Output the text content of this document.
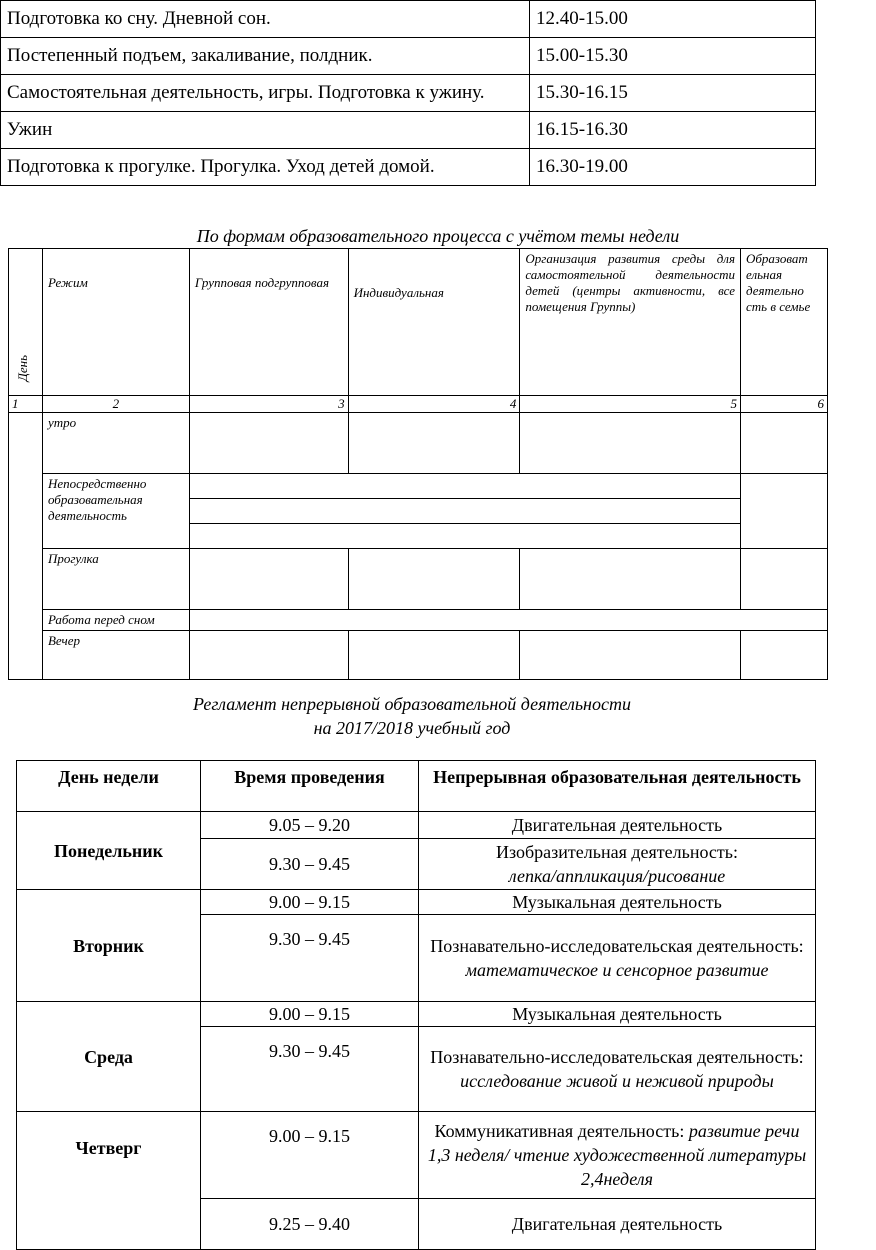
Подготовка ко сну. Дневной сон.	12.40-15.00
Постепенный подъем, закаливание, полдник.	15.00-15.30
Самостоятельная деятельность, игры. Подготовка к ужину.	15.30-16.15
Ужин	16.15-16.30
Подготовка к прогулке. Прогулка. Уход детей домой.	16.30-19.00
По формам образовательного процесса с учётом темы недели
День	Режим	Групповая подгрупповая	Индивидуальная	Организация развития среды для самостоятельной деятельности детей (центры активности, все помещения Группы)	Образоват ельная деятельно сть в семье
1	2	3	4	5	6
	утро				
	Непосредственно образовательная деятельность				

	Прогулка				
	Работа перед сном				
	Вечер				
Регламент непрерывной образовательной деятельности
на 2017/2018 учебный год
День недели	Время проведения	Непрерывная образовательная деятельность
Понедельник	9.05 – 9.20	Двигательная деятельность
	9.30 – 9.45	Изобразительная деятельность:
лепка/аппликация/рисование
Вторник	9.00 – 9.15	Музыкальная деятельность
	9.30 – 9.45	Познавательно-исследовательская деятельность: математическое и сенсорное развитие
Среда	9.00 – 9.15	Музыкальная деятельность
	9.30 – 9.45	Познавательно-исследовательская деятельность: исследование живой и неживой природы
Четверг	9.00 – 9.15	Коммуникативная деятельность: развитие речи 1,3 неделя/ чтение художественной литературы 2,4неделя
	9.25 – 9.40	Двигательная деятельность
